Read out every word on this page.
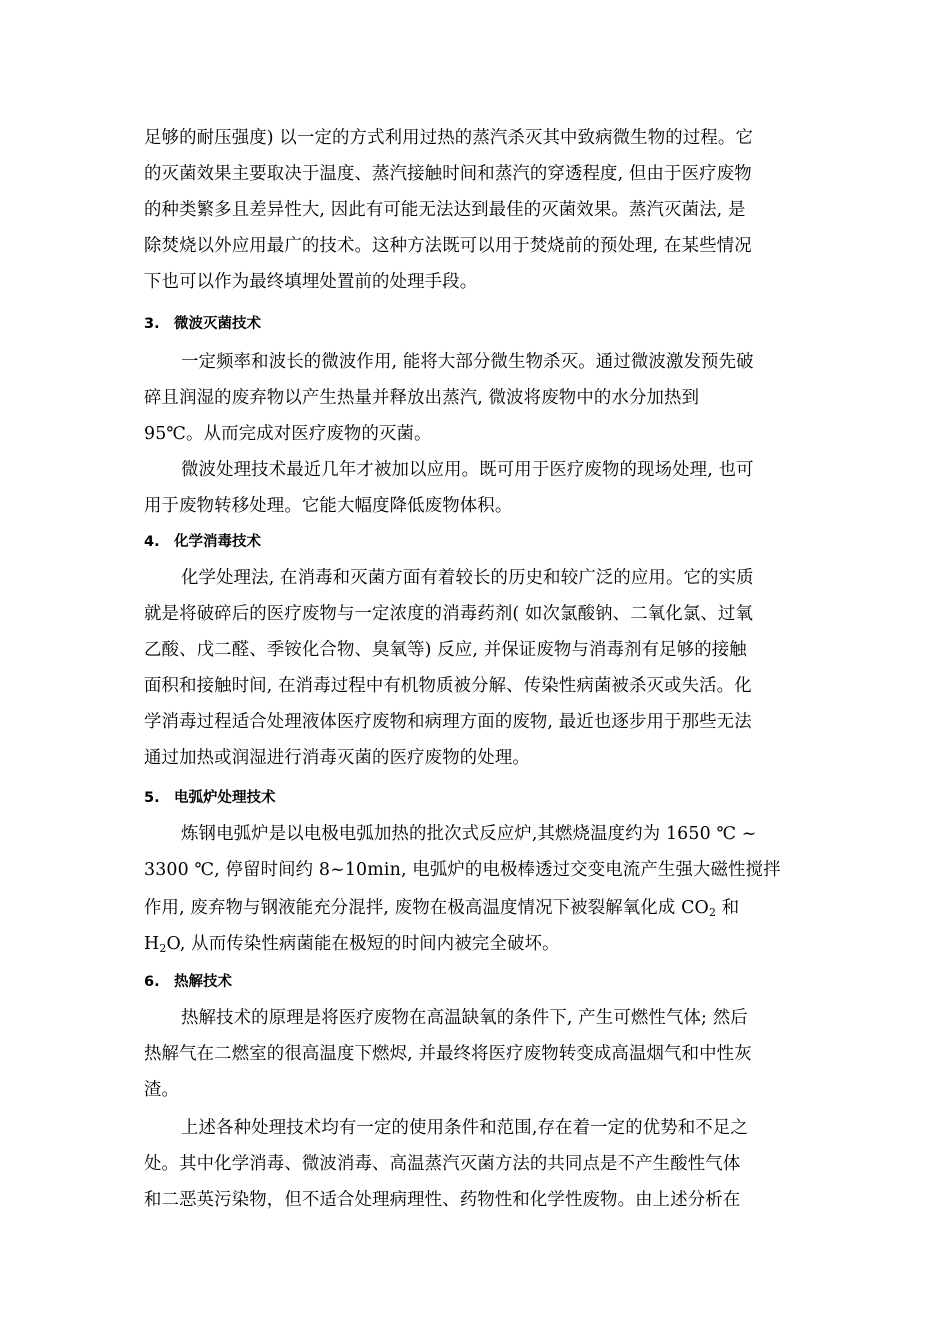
足够的耐压强度) 以一定的方式利用过热的蒸汽杀灭其中致病微生物的过程。它
的灭菌效果主要取决于温度、蒸汽接触时间和蒸汽的穿透程度, 但由于医疗废物
的种类繁多且差异性大, 因此有可能无法达到最佳的灭菌效果。蒸汽灭菌法, 是
除焚烧以外应用最广的技术。这种方法既可以用于焚烧前的预处理, 在某些情况
下也可以作为最终填埋处置前的处理手段。
3. 微波灭菌技术
一定频率和波长的微波作用, 能将大部分微生物杀灭。通过微波激发预先破
碎且润湿的废弃物以产生热量并释放出蒸汽, 微波将废物中的水分加热到
95℃。从而完成对医疗废物的灭菌。
微波处理技术最近几年才被加以应用。既可用于医疗废物的现场处理, 也可
用于废物转移处理。它能大幅度降低废物体积。
4. 化学消毒技术
化学处理法, 在消毒和灭菌方面有着较长的历史和较广泛的应用。它的实质
就是将破碎后的医疗废物与一定浓度的消毒药剂( 如次氯酸钠、二氧化氯、过氧
乙酸、戊二醛、季铵化合物、臭氧等) 反应, 并保证废物与消毒剂有足够的接触
面积和接触时间, 在消毒过程中有机物质被分解、传染性病菌被杀灭或失活。化
学消毒过程适合处理液体医疗废物和病理方面的废物, 最近也逐步用于那些无法
通过加热或润湿进行消毒灭菌的医疗废物的处理。
5. 电弧炉处理技术
炼钢电弧炉是以电极电弧加热的批次式反应炉,其燃烧温度约为 1650 ℃ ~
3300 ℃, 停留时间约 8~10min, 电弧炉的电极棒透过交变电流产生强大磁性搅拌
作用, 废弃物与钢液能充分混拌, 废物在极高温度情况下被裂解氧化成 $CO_2$ 和
$H_2O$, 从而传染性病菌能在极短的时间内被完全破坏。
6. 热解技术
热解技术的原理是将医疗废物在高温缺氧的条件下, 产生可燃性气体; 然后
热解气在二燃室的很高温度下燃烬, 并最终将医疗废物转变成高温烟气和中性灰
渣。
上述各种处理技术均有一定的使用条件和范围,存在着一定的优势和不足之
处。其中化学消毒、微波消毒、高温蒸汽灭菌方法的共同点是不产生酸性气体
和二恶英污染物，但不适合处理病理性、药物性和化学性废物。由上述分析在
